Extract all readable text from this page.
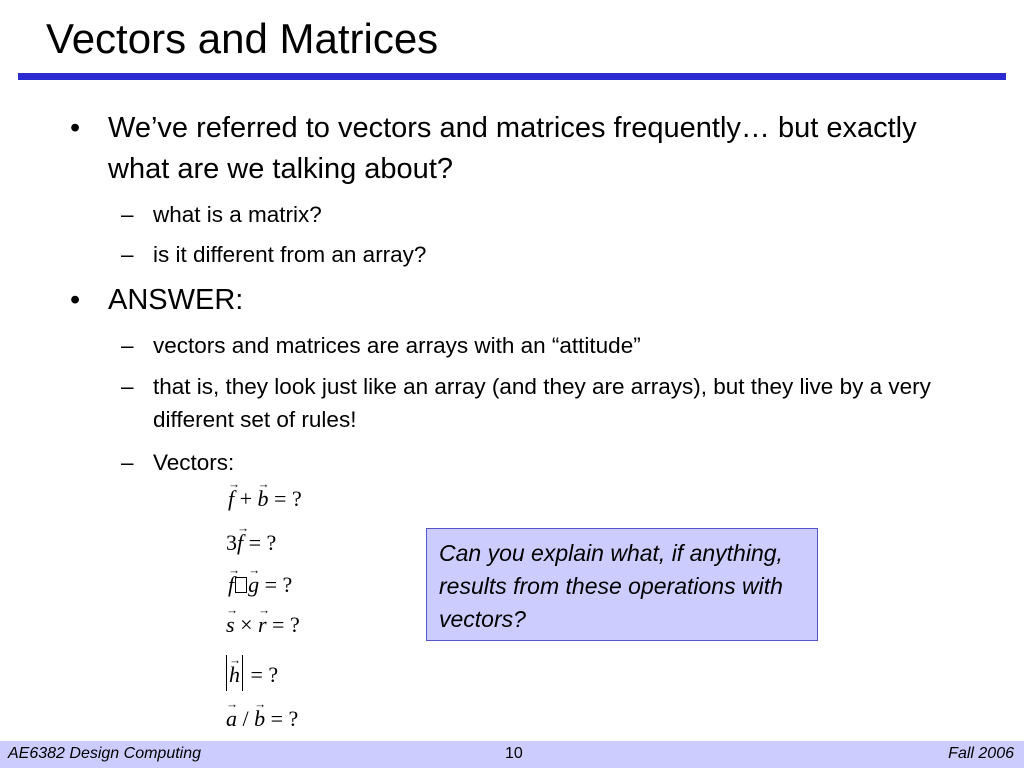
Vectors and Matrices
• We’ve referred to vectors and matrices frequently… but exactly what are we talking about?
– what is a matrix?
– is it different from an array?
• ANSWER:
– vectors and matrices are arrays with an “attitude”
– that is, they look just like an array (and they are arrays), but they live by a very different set of rules!
– Vectors:
→ f + → b = ?
3→ f = ?
→ f → g = ?
→ s × → r = ?
→ h = ?
→ a / → b = ?
Can you explain what, if anything, results from these operations with vectors?
AE6382 Design Computing	10	Fall 2006
